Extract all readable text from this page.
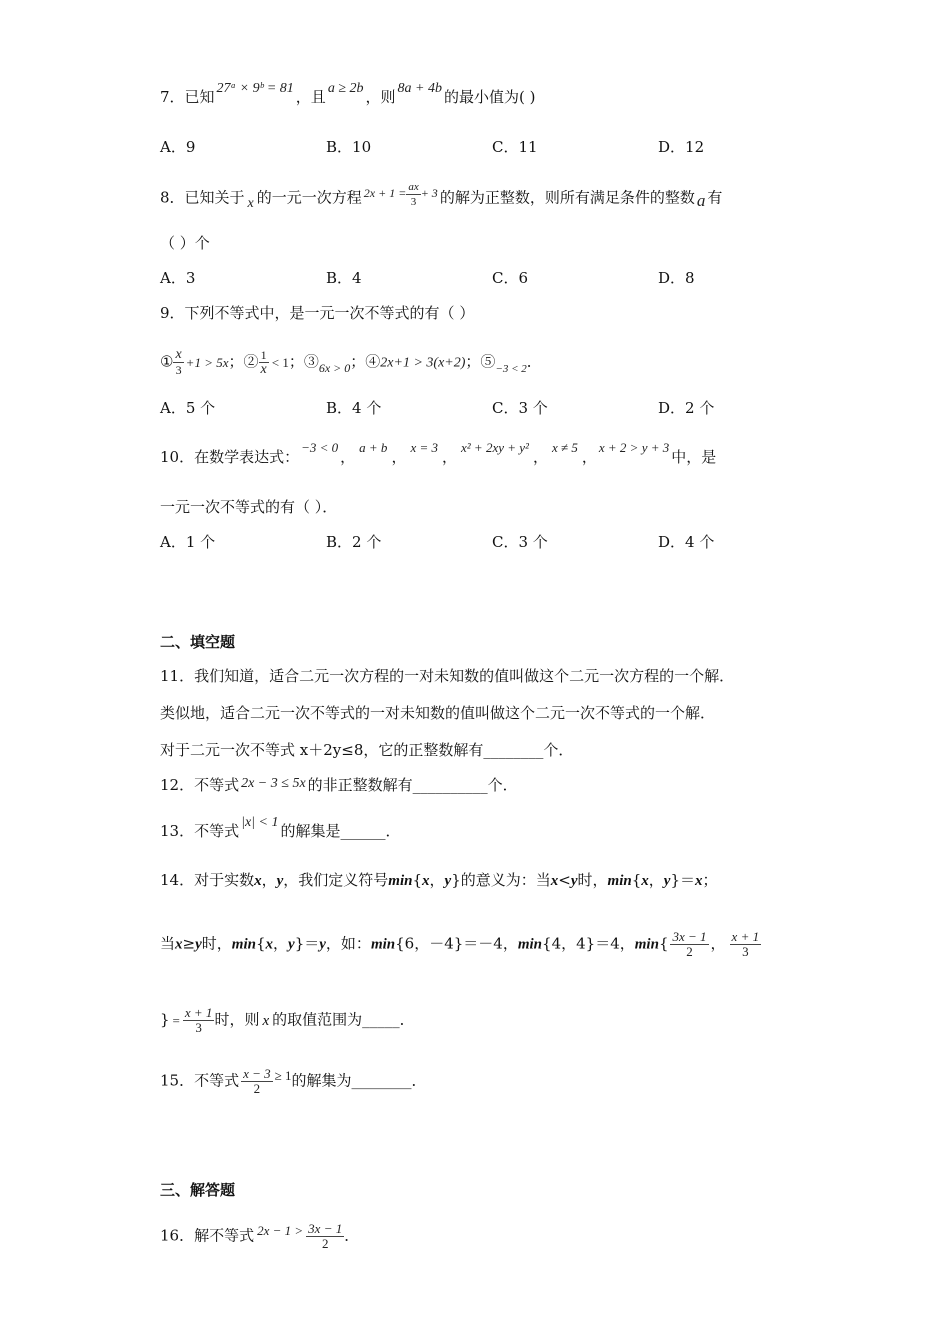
7．已知 27ᵃ × 9ᵇ = 81 ，且 a ≥ 2b ，则 8a + 4b 的最小值为( )
A．9	B．10	C．11	D．12
8．已知关于 x 的一元一次方程 $^{2x + 1 =} \frac{ax}{3} ^{+ 3}$ 的解为正整数，则所有满足条件的整数 a 有
（ ）个
A．3	B．4	C．6	D．8
9．下列不等式中，是一元一次不等式的有（ ）
① $\frac{x}{3} +1 > 5x$；② $\frac{1}{x} < 1$；$③_{6x > 0}$；④2x+1 > 3(x+2)；$⑤_{-3 < 2}$．
A．5 个	B．4 个	C．3 个	D．2 个
10．在数学表达式：−3 < 0，a + b，x = 3，x² + 2xy + y²，x ≠ 5，x + 2 > y + 3中，是
一元一次不等式的有（ ）．
A．1 个	B．2 个	C．3 个	D．4 个
二、填空题
11．我们知道，适合二元一次方程的一对未知数的值叫做这个二元一次方程的一个解．
类似地，适合二元一次不等式的一对未知数的值叫做这个二元一次不等式的一个解．
对于二元一次不等式 x＋2y≤8，它的正整数解有________个．
12．不等式 2x − 3 ≤ 5x 的非正整数解有__________个．
13．不等式 |x| < 1 的解集是______．
14．对于实数x，y，我们定义符号min{x，y}的意义为：当x<y时，min{x，y}＝x；
当x≥y时，min{x，y}＝y，如：min{6，－4}＝－4，min{4，4}＝4，$\min\{ \frac{3x - 1}{2}$ ， $\frac{x + 1}{3}$
} = $\frac{x + 1}{3}$ 时，则 x 的取值范围为_____．
15．不等式 $\frac{x - 3}{2} \ge 1$的解集为________．
三、解答题
16．解不等式 $2x - 1 > \frac{3x - 1}{2}$ ．
